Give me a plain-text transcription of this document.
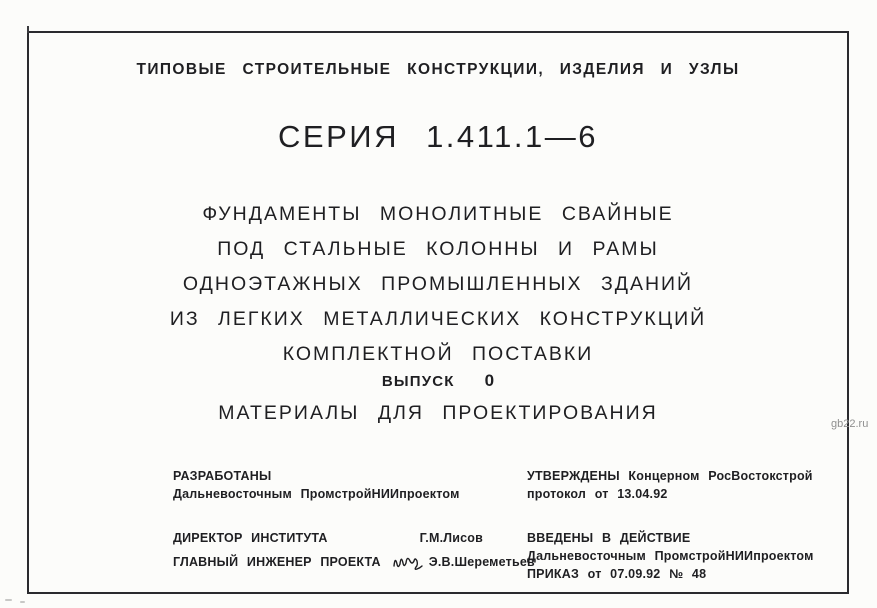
ТИПОВЫЕ СТРОИТЕЛЬНЫЕ КОНСТРУКЦИИ, ИЗДЕЛИЯ И УЗЛЫ
СЕРИЯ 1.411.1—6
ФУНДАМЕНТЫ МОНОЛИТНЫЕ СВАЙНЫЕ
ПОД СТАЛЬНЫЕ КОЛОННЫ И РАМЫ
ОДНОЭТАЖНЫХ ПРОМЫШЛЕННЫХ ЗДАНИЙ
ИЗ ЛЕГКИХ МЕТАЛЛИЧЕСКИХ КОНСТРУКЦИЙ
КОМПЛЕКТНОЙ ПОСТАВКИ
ВЫПУСК 0
МАТЕРИАЛЫ ДЛЯ ПРОЕКТИРОВАНИЯ
РАЗРАБОТАНЫ
Дальневосточным ПромстройНИИпроектом
ДИРЕКТОР ИНСТИТУТА	Г.М.Лисов
ГЛАВНЫЙ ИНЖЕНЕР ПРОЕКТА	Э.В.Шереметьев
УТВЕРЖДЕНЫ Концерном РосВостокстрой
протокол от 13.04.92
ВВЕДЕНЫ В ДЕЙСТВИЕ
Дальневосточным ПромстройНИИпроектом
ПРИКАЗ от 07.09.92 № 48
gb22.ru
